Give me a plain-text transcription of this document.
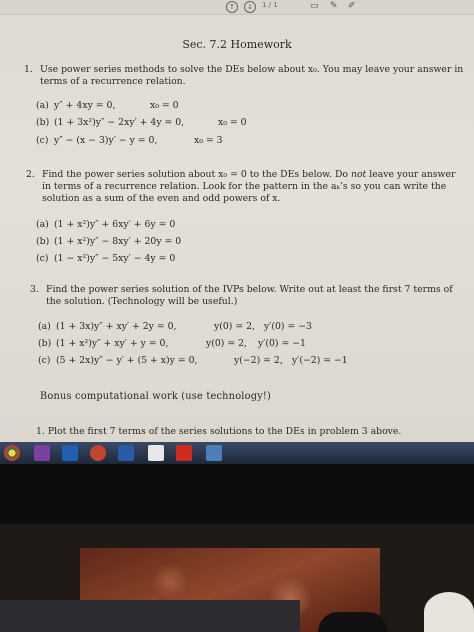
↑	↓	1 / 1	▭ ✎ ✐
Sec. 7.2 Homework
1. Use power series methods to solve the DEs below about x₀. You may leave your answer in terms of a recurrence relation.
(a) y″ + 4xy = 0,	x₀ = 0
(b) (1 + 3x²)y″ − 2xy′ + 4y = 0,	x₀ = 0
(c) y″ − (x − 3)y′ − y = 0,	x₀ = 3
2. Find the power series solution about x₀ = 0 to the DEs below. Do not leave your answer in terms of a recurrence relation. Look for the pattern in the aₖ’s so you can write the solution as a sum of the even and odd powers of x.
(a) (1 + x²)y″ + 6xy′ + 6y = 0
(b) (1 + x²)y″ − 8xy′ + 20y = 0
(c) (1 − x²)y″ − 5xy′ − 4y = 0
3. Find the power series solution of the IVPs below. Write out at least the first 7 terms of the solution. (Technology will be useful.)
(a) (1 + 3x)y″ + xy′ + 2y = 0,	y(0) = 2, y′(0) = −3
(b) (1 + x²)y″ + xy′ + y = 0,	y(0) = 2, y′(0) = −1
(c) (5 + 2x)y″ − y′ + (5 + x)y = 0,	y(−2) = 2, y′(−2) = −1
Bonus computational work (use technology!)
1. Plot the first 7 terms of the series solutions to the DEs in problem 3 above.
